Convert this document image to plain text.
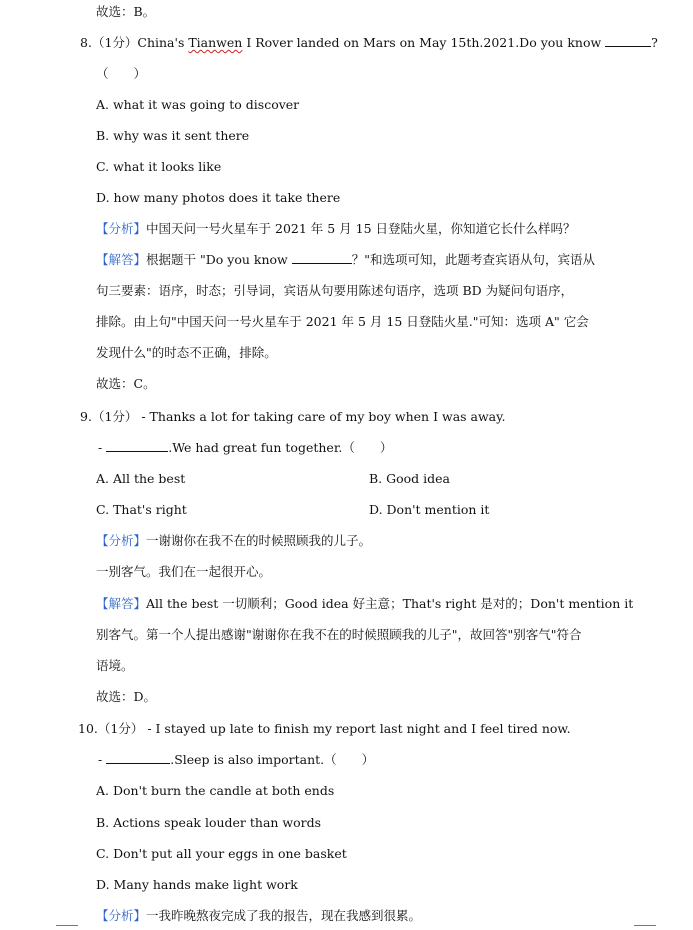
故选：B。
8.（1分）China's Tianwen I Rover landed on Mars on May 15th.2021.Do you know	?
（　　）
A. what it was going to discover
B. why was it sent there
C. what it looks like
D. how many photos does it take there
【分析】中国天问一号火星车于 2021 年 5 月 15 日登陆火星，你知道它长什么样吗？
【解答】根据题干 "Do you know	？"和选项可知，此题考查宾语从句，宾语从
句三要素：语序，时态；引导词，宾语从句要用陈述句语序，选项 BD 为疑问句语序，
排除。由上句"中国天问一号火星车于 2021 年 5 月 15 日登陆火星."可知：选项 A" 它会
发现什么"的时态不正确，排除。
故选：C。
9.（1分） - Thanks a lot for taking care of my boy when I was away.
-	.We had great fun together.（　　）
A. All the best	B. Good idea
C. That's right	D. Don't mention it
【分析】一谢谢你在我不在的时候照顾我的儿子。
一别客气。我们在一起很开心。
【解答】All the best 一切顺利；Good idea 好主意；That's right 是对的；Don't mention it
别客气。第一个人提出感谢"谢谢你在我不在的时候照顾我的儿子"，故回答"别客气"符合
语境。
故选：D。
10.（1分） - I stayed up late to finish my report last night and I feel tired now.
-	.Sleep is also important.（　　）
A. Don't burn the candle at both ends
B. Actions speak louder than words
C. Don't put all your eggs in one basket
D. Many hands make light work
【分析】一我昨晚熬夜完成了我的报告，现在我感到很累。
